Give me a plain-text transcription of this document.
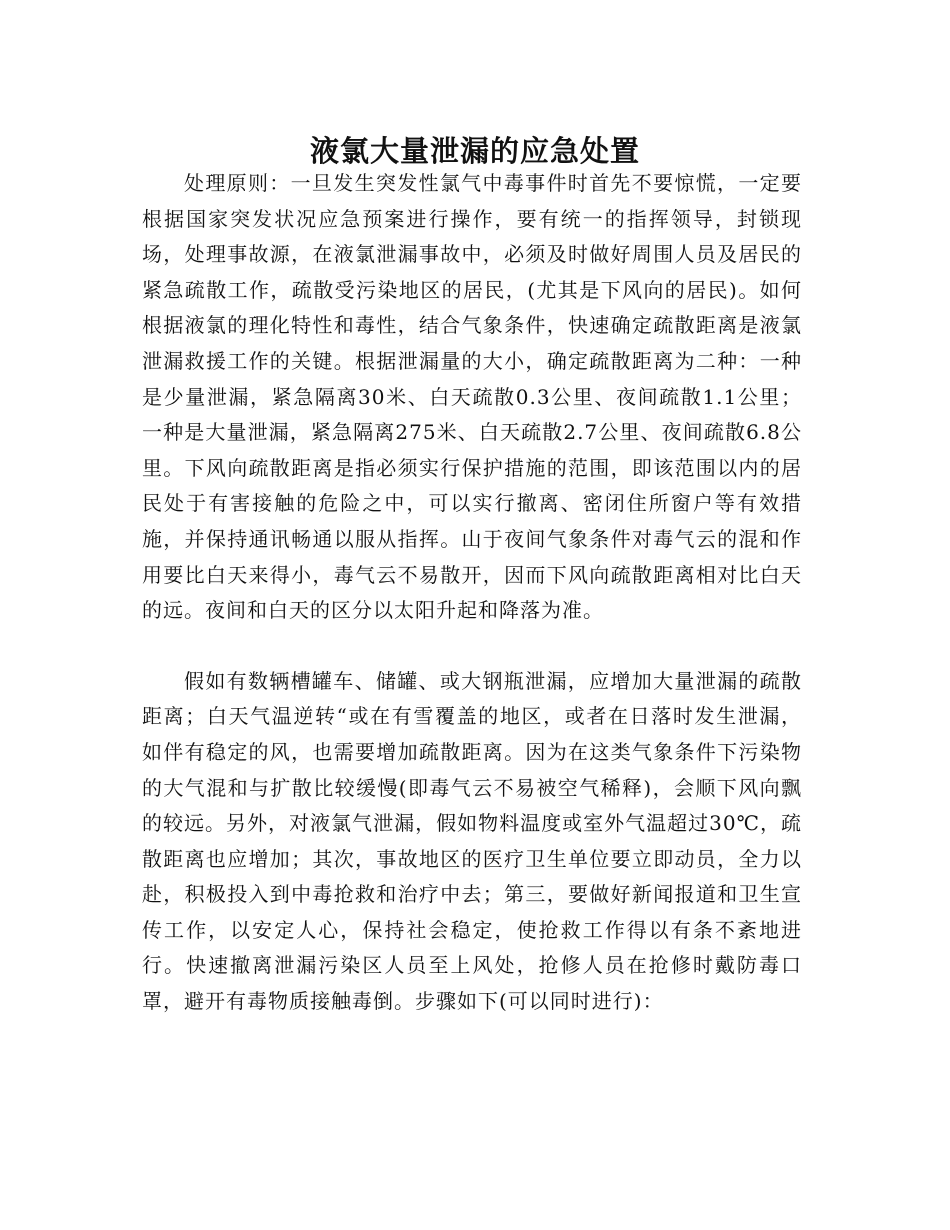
液氯大量泄漏的应急处置

处理原则：一旦发生突发性氯气中毒事件时首先不要惊慌，一定要根据国家突发状况应急预案进行操作，要有统一的指挥领导，封锁现场，处理事故源，在液氯泄漏事故中，必须及时做好周围人员及居民的紧急疏散工作，疏散受污染地区的居民，(尤其是下风向的居民)。如何根据液氯的理化特性和毒性，结合气象条件，快速确定疏散距离是液氯泄漏救援工作的关键。根据泄漏量的大小，确定疏散距离为二种：一种是少量泄漏，紧急隔离30米、白天疏散0.3公里、夜间疏散1.1公里；一种是大量泄漏，紧急隔离275米、白天疏散2.7公里、夜间疏散6.8公里。下风向疏散距离是指必须实行保护措施的范围，即该范围以内的居民处于有害接触的危险之中，可以实行撤离、密闭住所窗户等有效措施，并保持通讯畅通以服从指挥。山于夜间气象条件对毒气云的混和作用要比白天来得小，毒气云不易散开，因而下风向疏散距离相对比白天的远。夜间和白天的区分以太阳升起和降落为准。

假如有数辆槽罐车、储罐、或大钢瓶泄漏，应增加大量泄漏的疏散距离；白天气温逆转“或在有雪覆盖的地区，或者在日落时发生泄漏，如伴有稳定的风，也需要增加疏散距离。因为在这类气象条件下污染物的大气混和与扩散比较缓慢(即毒气云不易被空气稀释)，会顺下风向飘的较远。另外，对液氯气泄漏，假如物料温度或室外气温超过30℃，疏散距离也应增加；其次，事故地区的医疗卫生单位要立即动员，全力以赴，积极投入到中毒抢救和治疗中去；第三，要做好新闻报道和卫生宣传工作，以安定人心，保持社会稳定，使抢救工作得以有条不紊地进行。快速撤离泄漏污染区人员至上风处，抢修人员在抢修时戴防毒口罩，避开有毒物质接触毒倒。步骤如下(可以同时进行)：
